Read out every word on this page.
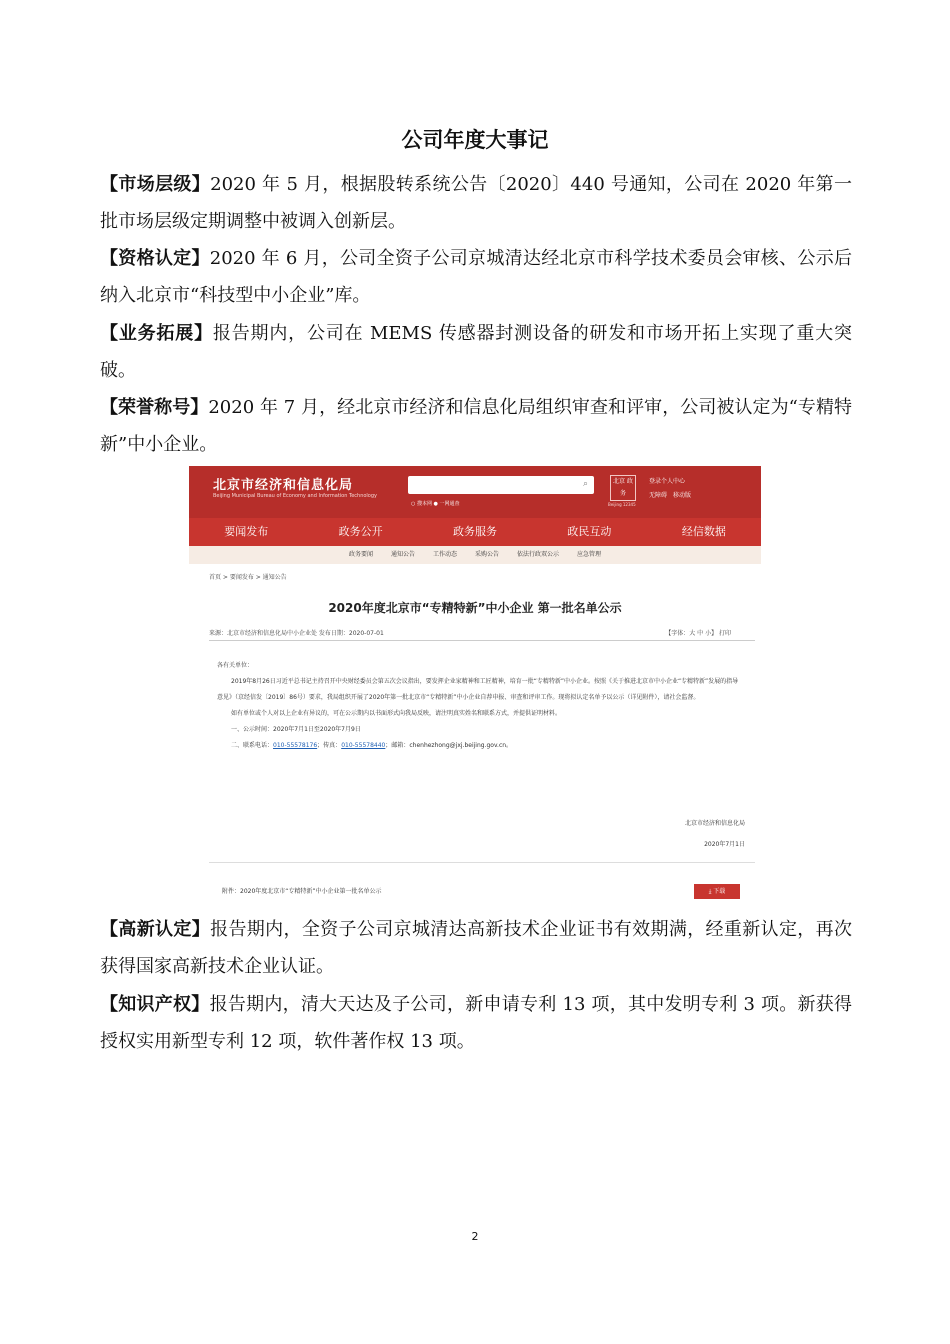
公司年度大事记
【市场层级】2020 年 5 月，根据股转系统公告〔2020〕440 号通知，公司在 2020 年第一批市场层级定期调整中被调入创新层。
【资格认定】2020 年 6 月，公司全资子公司京城清达经北京市科学技术委员会审核、公示后纳入北京市“科技型中小企业”库。
【业务拓展】报告期内，公司在 MEMS 传感器封测设备的研发和市场开拓上实现了重大突破。
【荣誉称号】2020 年 7 月，经北京市经济和信息化局组织审查和评审，公司被认定为“专精特新”中小企业。
北京市经济和信息化局
Beijing Municipal Bureau of Economy and Information Technology
⌕
○ 搜本网 ● 一网通查
北京 政务
Beijing 12345
登录个人中心
无障碍 移动版
要闻发布	政务公开	政务服务	政民互动	经信数据
政务要闻	通知公告	工作动态	采购公告	依法行政双公示	应急管理
首页 > 要闻发布 > 通知公告
2020年度北京市“专精特新”中小企业 第一批名单公示
来源：北京市经济和信息化局中小企业处 发布日期：2020-07-01	【字体：大 中 小】 打印

各有关单位：

2019年8月26日习近平总书记主持召开中央财经委员会第五次会议指出，要发挥企业家精神和工匠精神，培育一批“专精特新”中小企业。按照《关于推进北京市中小企业“专精特新”发展的指导意见》（京经信发〔2019〕86号）要求，我局组织开展了2020年第一批北京市“专精特新”中小企业自荐申报、审查和评审工作。现将拟认定名单予以公示（详见附件），请社会监督。

如有单位或个人对以上企业有异议的，可在公示期内以书面形式向我局反映，请注明真实姓名和联系方式，并提供证明材料。

一、公示时间：2020年7月1日至2020年7月9日

二、联系电话：010-55578176；传真：010-55578440；邮箱：chenhezhong@jxj.beijing.gov.cn。

北京市经济和信息化局
2020年7月1日
附件：2020年度北京市“专精特新”中小企业第一批名单公示	⤓ 下载
【高新认定】报告期内，全资子公司京城清达高新技术企业证书有效期满，经重新认定，再次获得国家高新技术企业认证。
【知识产权】报告期内，清大天达及子公司，新申请专利 13 项，其中发明专利 3 项。新获得授权实用新型专利 12 项，软件著作权 13 项。
2
